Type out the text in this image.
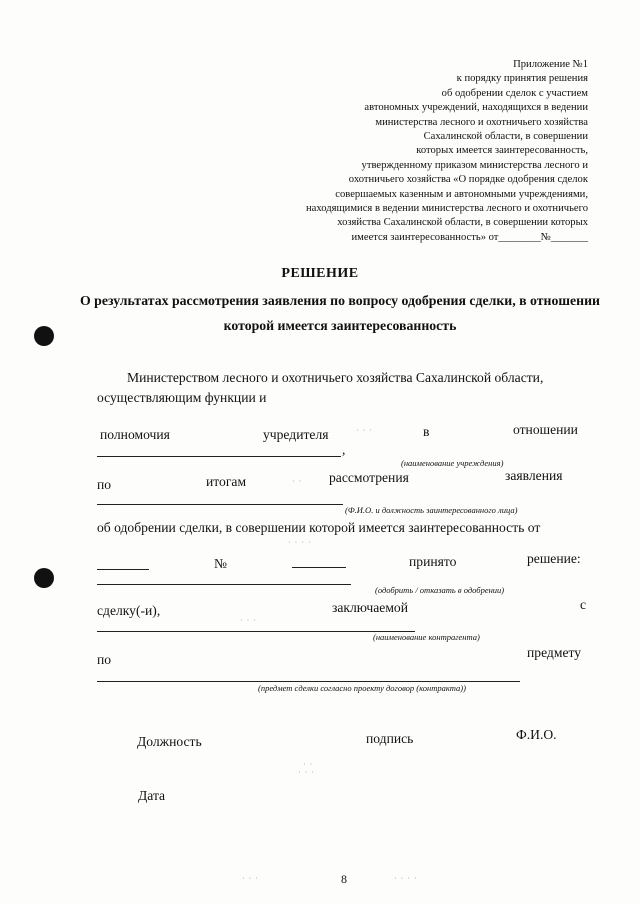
Приложение №1
к порядку принятия решения
об одобрении сделок с участием
автономных учреждений, находящихся в ведении
министерства лесного и охотничьего хозяйства
Сахалинской области, в совершении
которых имеется заинтересованность,
утвержденному приказом министерства лесного и
охотничьего хозяйства «О порядке одобрения сделок
совершаемых казенным и автономными учреждениями,
находящимися в ведении министерства лесного и охотничьего
хозяйства Сахалинской области, в совершении которых
имеется заинтересованность» от________№_______
РЕШЕНИЕ
О результатах рассмотрения заявления по вопросу одобрения сделки, в отношении которой имеется заинтересованность
Министерством лесного и охотничьего хозяйства Сахалинской области,
осуществляющим функции и
полномочия	учредителя	в	отношении
,
(наименование учреждения)
по	итогам	рассмотрения	заявления
(Ф.И.О. и должность заинтересованного лица)
об одобрении сделки, в совершении которой имеется заинтересованность от
№	принято	решение:
(одобрить / отказать в одобрении)
сделку(-и),	заключаемой	с
(наименование контрагента)
по	предмету
(предмет сделки согласно проекту договор (контракта))
Должность	подпись	Ф.И.О.
Дата
· · ·
· ·
· · · ·
· · ·
· ·
· · ·
· · ·	· · · ·
8
